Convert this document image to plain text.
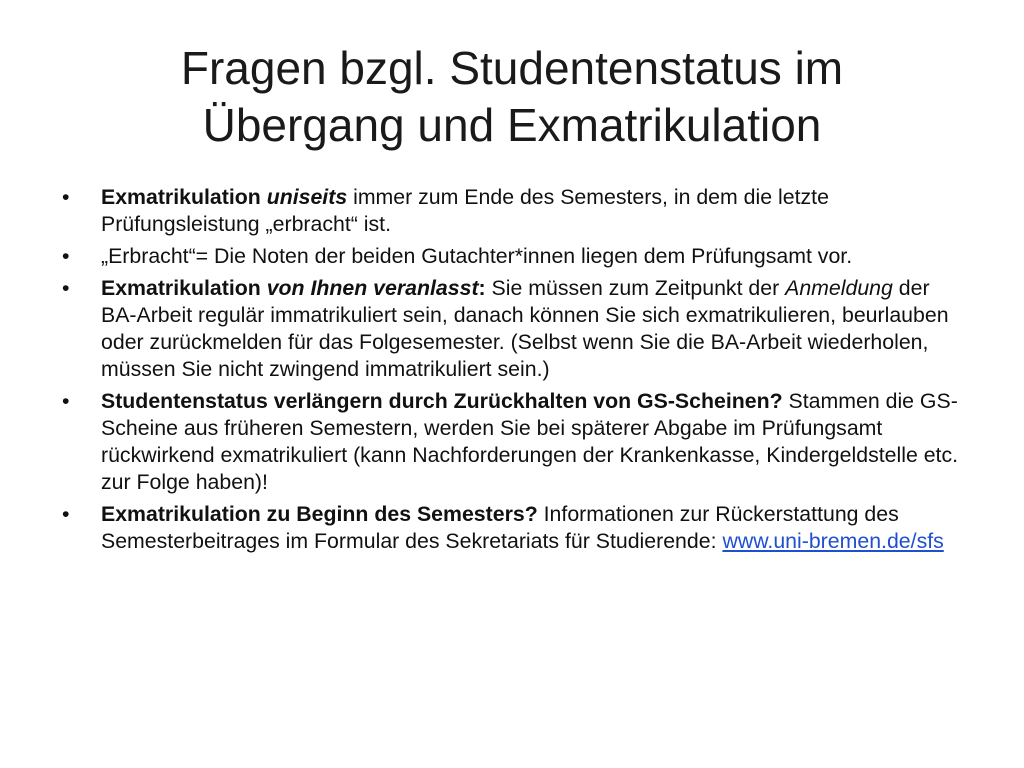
Fragen bzgl. Studentenstatus im
Übergang und Exmatrikulation
•	Exmatrikulation uniseits immer zum Ende des Semesters, in dem die letzte Prüfungsleistung „erbracht“ ist.
•	„Erbracht“= Die Noten der beiden Gutachter*innen liegen dem Prüfungsamt vor.
•	Exmatrikulation von Ihnen veranlasst: Sie müssen zum Zeitpunkt der Anmeldung der BA-Arbeit regulär immatrikuliert sein, danach können Sie sich exmatrikulieren, beurlauben oder zurückmelden für das Folgesemester. (Selbst wenn Sie die BA-Arbeit wiederholen, müssen Sie nicht zwingend immatrikuliert sein.)
•	Studentenstatus verlängern durch Zurückhalten von GS-Scheinen? Stammen die GS-Scheine aus früheren Semestern, werden Sie bei späterer Abgabe im Prüfungsamt rückwirkend exmatrikuliert (kann Nachforderungen der Krankenkasse, Kindergeldstelle etc. zur Folge haben)!
•	Exmatrikulation zu Beginn des Semesters? Informationen zur Rückerstattung des Semesterbeitrages im Formular des Sekretariats für Studierende: www.uni-bremen.de/sfs
